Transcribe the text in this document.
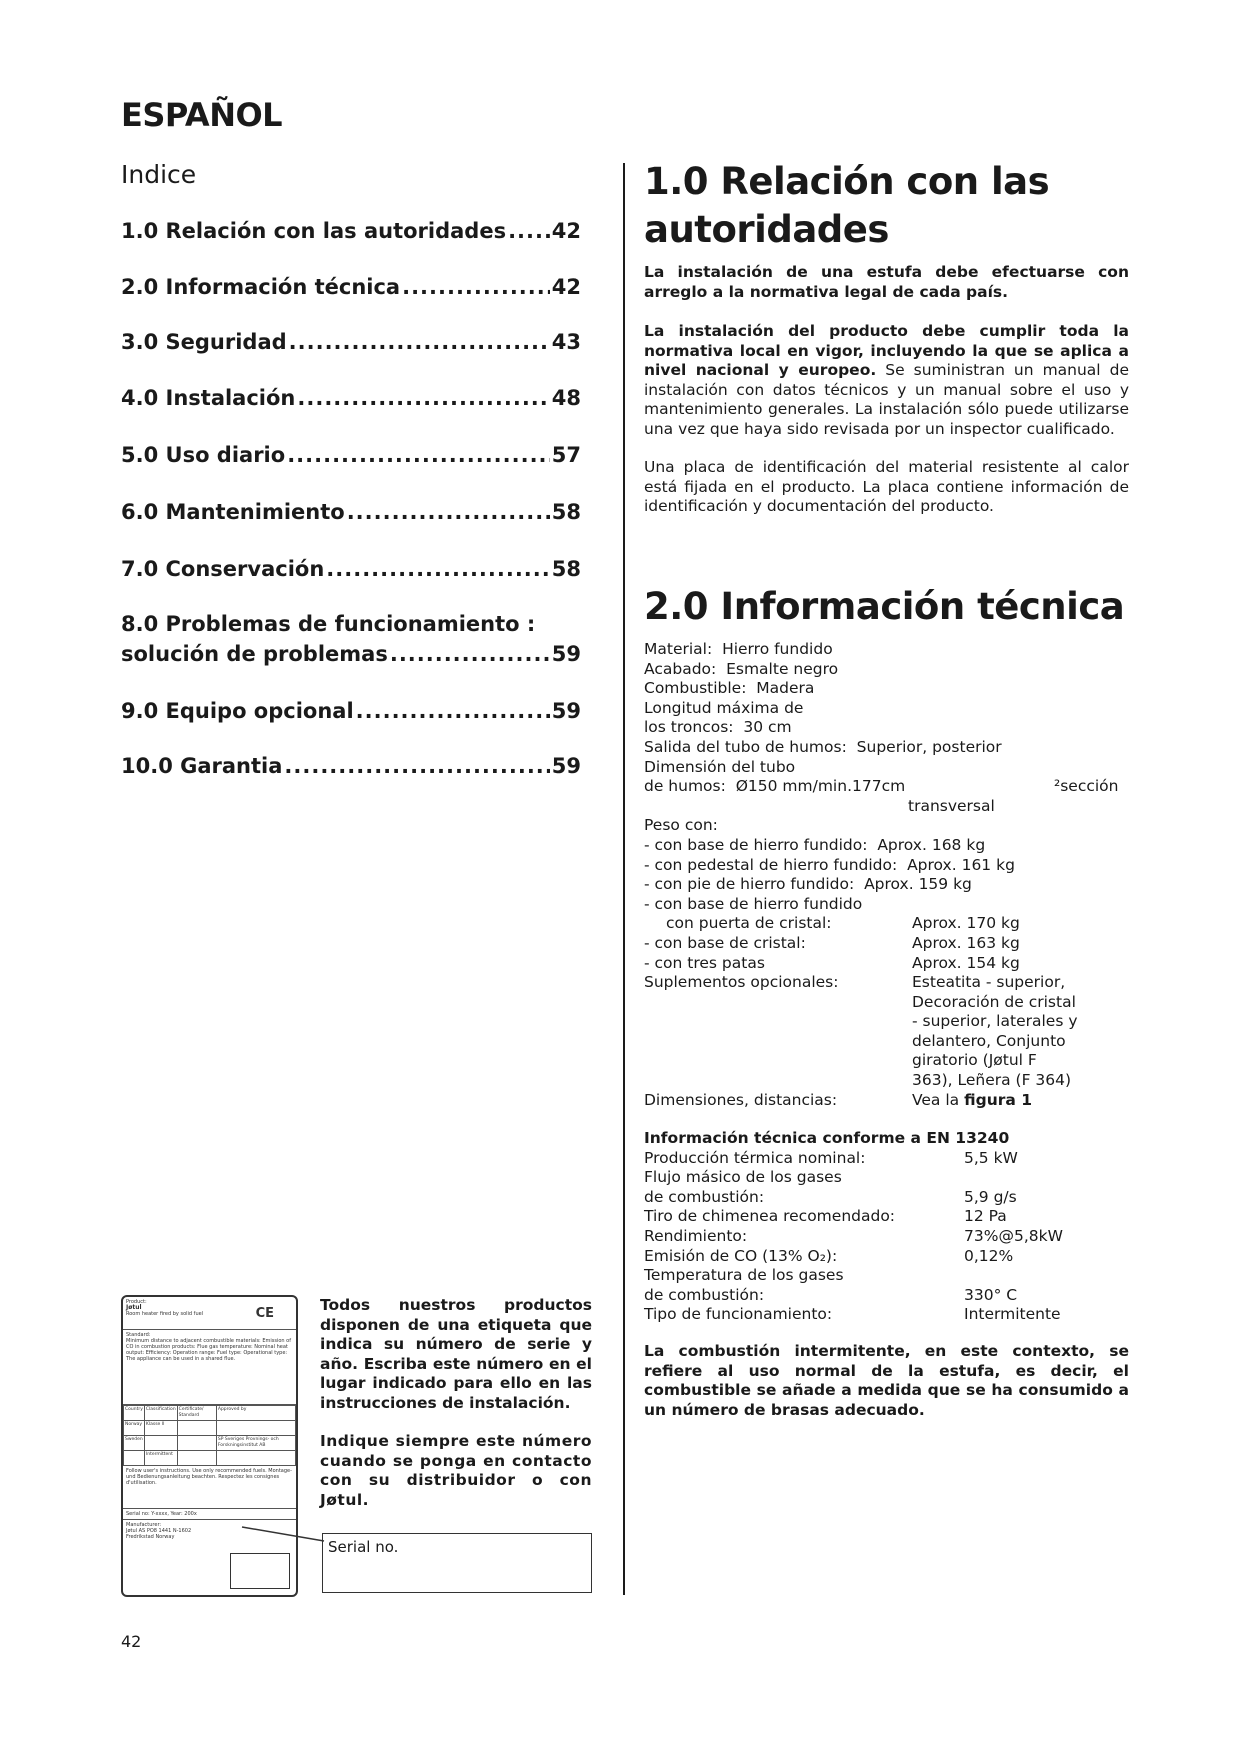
ESPAÑOL
Indice
1.0 Relación con las autoridades ..... 42
2.0 Información técnica .....	42
3.0 Seguridad .....	43
4.0 Instalación .....	48
5.0 Uso diario .....	57
6.0 Mantenimiento .....	58
7.0 Conservación .....	58
8.0 Problemas de funcionamiento :
solución de problemas .....	59
9.0 Equipo opcional .....	59
10.0 Garantia .....	59
1.0 Relación con las
autoridades
La instalación de una estufa debe efectuarse con arreglo a la normativa legal de cada país.
La instalación del producto debe cumplir toda la normativa local en vigor, incluyendo la que se aplica a nivel nacional y europeo. Se suministran un manual de instalación con datos técnicos y un manual sobre el uso y mantenimiento generales. La instalación sólo puede utilizarse una vez que haya sido revisada por un inspector cualificado.
Una placa de identificación del material resistente al calor está fijada en el producto. La placa contiene información de identificación y documentación del producto.
2.0 Información técnica
Material: Hierro fundido
Acabado: Esmalte negro
Combustible: Madera
Longitud máxima de
los troncos: 30 cm
Salida del tubo de humos: Superior, posterior
Dimensión del tubo
de humos: Ø150 mm/min.177cm	²sección
transversal
Peso con:
- con base de hierro fundido: Aprox. 168 kg
- con pedestal de hierro fundido: Aprox. 161 kg
- con pie de hierro fundido: Aprox. 159 kg
- con base de hierro fundido
con puerta de cristal:	Aprox. 170 kg
- con base de cristal:	Aprox. 163 kg
- con tres patas	Aprox. 154 kg
Suplementos opcionales:	Esteatita - superior, Decoración de cristal - superior, laterales y delantero, Conjunto giratorio (Jøtul F 363), Leñera (F 364)
Dimensiones, distancias:	Vea la figura 1
Información técnica conforme a EN 13240
Producción térmica nominal:	5,5 kW
Flujo másico de los gases
de combustión:	5,9 g/s
Tiro de chimenea recomendado:	12 Pa
Rendimiento:	73%@5,8kW
Emisión de CO (13% O₂):	0,12%
Temperatura de los gases
de combustión:	330° C
Tipo de funcionamiento:	Intermitente
La combustión intermitente, en este contexto, se refiere al uso normal de la estufa, es decir, el combustible se añade a medida que se ha consumido a un número de brasas adecuado.
Product:
Jøtul
Room heater fired by solid fuel	CE
Standard:
Minimum distance to adjacent combustible materials: Emission of CO in combustion products: Flue gas temperature: Nominal heat output: Efficiency: Operation range: Fuel type: Operational type: The appliance can be used in a shared flue.
Country	Classification	Certificate/ Standard	Approved by
Norway	Klasse II		
Sweden			SP Sveriges Provnings- och Forskningsinstitut AB
	Intermittent		
Follow user's instructions. Use only recommended fuels. Montage- und Bedienungsanleitung beachten. Respectez les consignes d'utilisation.
Serial no: Y-xxxx, Year: 200x
Manufacturer:
Jøtul AS PO8 1441 N-1602 Fredrikstad Norway
Todos nuestros productos disponen de una etiqueta que indica su número de serie y año. Escriba este número en el lugar indicado para ello en las instrucciones de instalación.
Indique siempre este número cuando se ponga en contacto con su distribuidor o con Jøtul.
Serial no.
42
